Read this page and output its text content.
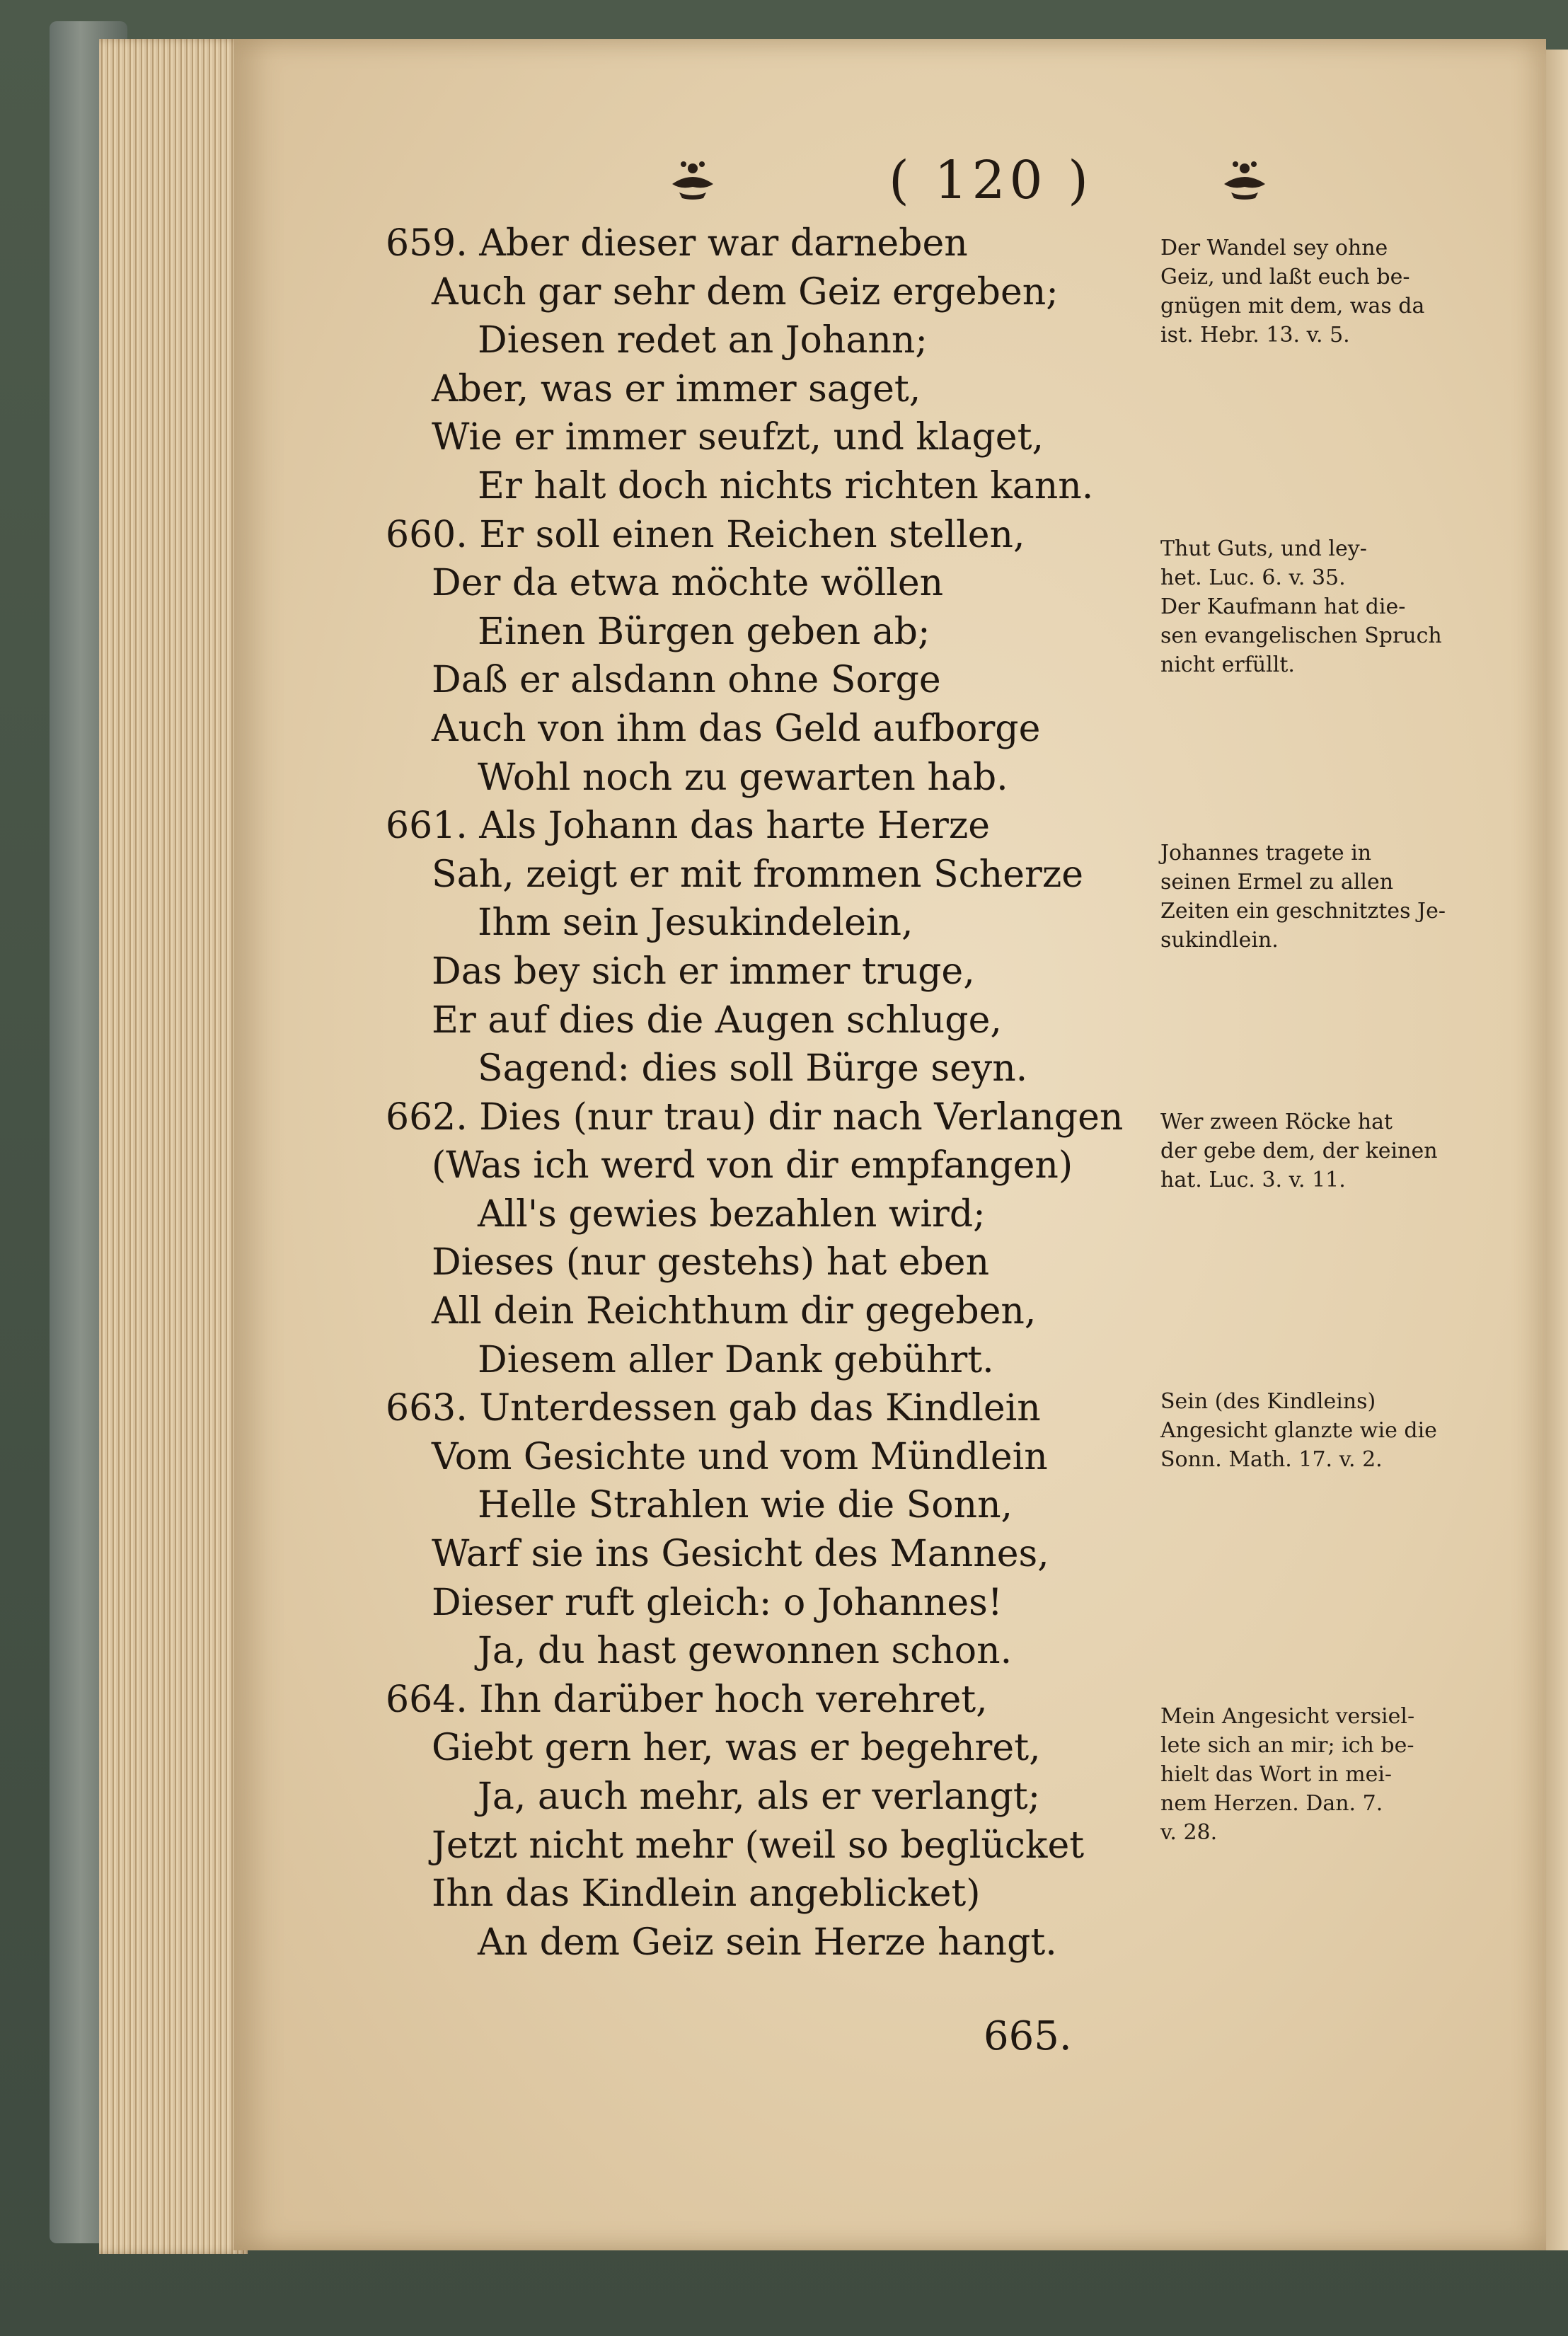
( 120 )
659. Aber dieser war darneben
Auch gar sehr dem Geiz ergeben;
Diesen redet an Johann;
Aber, was er immer saget,
Wie er immer seufzt, und klaget,
Er halt doch nichts richten kann.
660. Er soll einen Reichen stellen,
Der da etwa möchte wöllen
Einen Bürgen geben ab;
Daß er alsdann ohne Sorge
Auch von ihm das Geld aufborge
Wohl noch zu gewarten hab.
661. Als Johann das harte Herze
Sah, zeigt er mit frommen Scherze
Ihm sein Jesukindelein,
Das bey sich er immer truge,
Er auf dies die Augen schluge,
Sagend: dies soll Bürge seyn.
662. Dies (nur trau) dir nach Verlangen
(Was ich werd von dir empfangen)
All's gewies bezahlen wird;
Dieses (nur gestehs) hat eben
All dein Reichthum dir gegeben,
Diesem aller Dank gebührt.
663. Unterdessen gab das Kindlein
Vom Gesichte und vom Mündlein
Helle Strahlen wie die Sonn,
Warf sie ins Gesicht des Mannes,
Dieser ruft gleich: o Johannes!
Ja, du hast gewonnen schon.
664. Ihn darüber hoch verehret,
Giebt gern her, was er begehret,
Ja, auch mehr, als er verlangt;
Jetzt nicht mehr (weil so beglücket
Ihn das Kindlein angeblicket)
An dem Geiz sein Herze hangt.
Der Wandel sey ohne
Geiz, und laßt euch be-
gnügen mit dem, was da
ist. Hebr. 13. v. 5.
Thut Guts, und ley-
het. Luc. 6. v. 35.
Der Kaufmann hat die-
sen evangelischen Spruch
nicht erfüllt.
Johannes tragete in
seinen Ermel zu allen
Zeiten ein geschnitztes Je-
sukindlein.
Wer zween Röcke hat
der gebe dem, der keinen
hat. Luc. 3. v. 11.
Sein (des Kindleins)
Angesicht glanzte wie die
Sonn. Math. 17. v. 2.
Mein Angesicht versiel-
lete sich an mir; ich be-
hielt das Wort in mei-
nem Herzen. Dan. 7.
v. 28.
665.
